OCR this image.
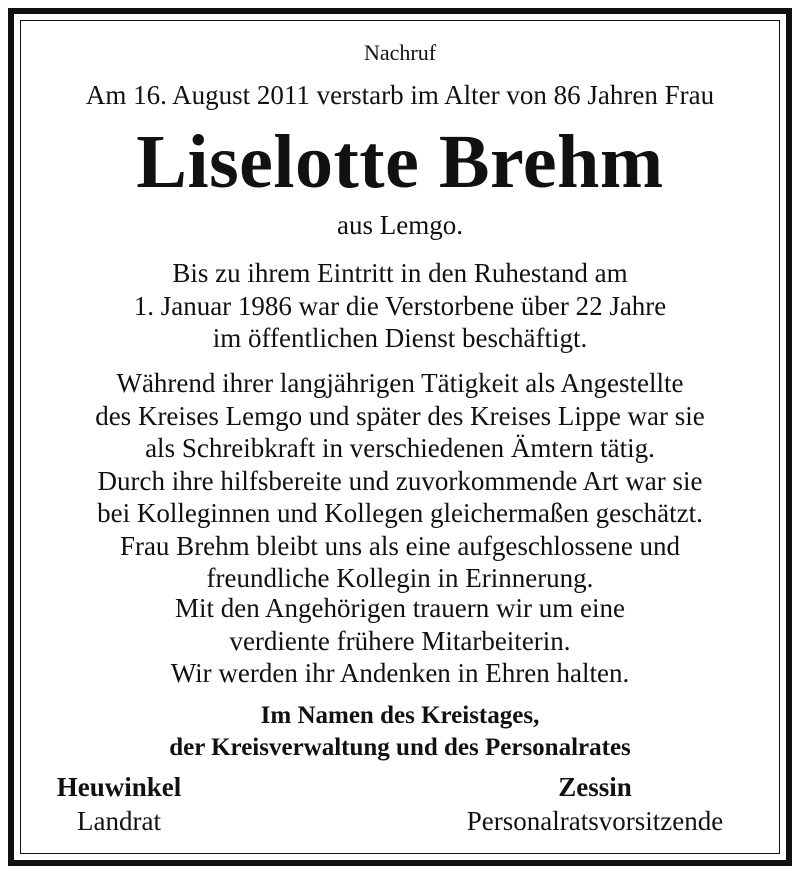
Nachruf
Am 16. August 2011 verstarb im Alter von 86 Jahren Frau
Liselotte Brehm
aus Lemgo.
Bis zu ihrem Eintritt in den Ruhestand am
1. Januar 1986 war die Verstorbene über 22 Jahre
im öffentlichen Dienst beschäftigt.
Während ihrer langjährigen Tätigkeit als Angestellte
des Kreises Lemgo und später des Kreises Lippe war sie
als Schreibkraft in verschiedenen Ämtern tätig.
Durch ihre hilfsbereite und zuvorkommende Art war sie
bei Kolleginnen und Kollegen gleichermaßen geschätzt.
Frau Brehm bleibt uns als eine aufgeschlossene und
freundliche Kollegin in Erinnerung.
Mit den Angehörigen trauern wir um eine
verdiente frühere Mitarbeiterin.
Wir werden ihr Andenken in Ehren halten.
Im Namen des Kreistages,
der Kreisverwaltung und des Personalrates
Heuwinkel
Landrat
Zessin
Personalratsvorsitzende
